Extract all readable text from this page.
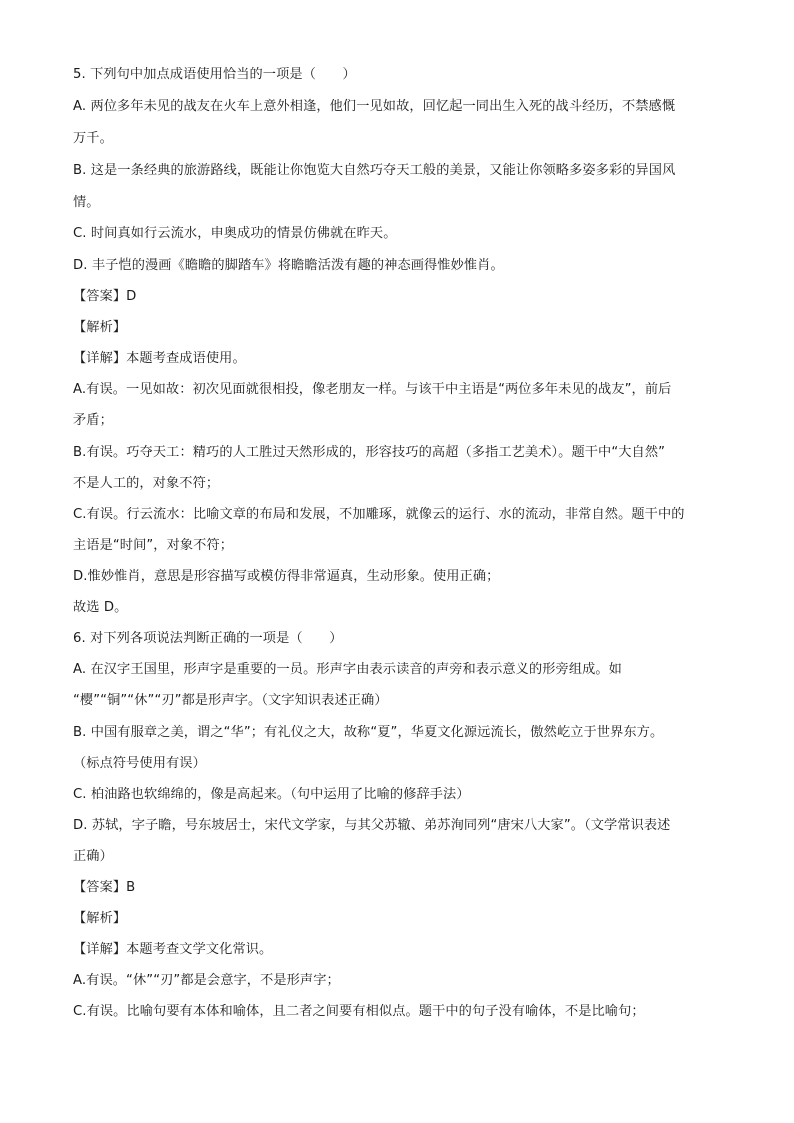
5. 下列句中加点成语使用恰当的一项是（　　）
A. 两位多年未见的战友在火车上意外相逢，他们一见如故，回忆起一同出生入死的战斗经历，不禁感慨
万千。
B. 这是一条经典的旅游路线，既能让你饱览大自然巧夺天工般的美景，又能让你领略多姿多彩的异国风
情。
C. 时间真如行云流水，申奥成功的情景仿佛就在昨天。
D. 丰子恺的漫画《瞻瞻的脚踏车》将瞻瞻活泼有趣的神态画得惟妙惟肖。
【答案】D
【解析】
【详解】本题考查成语使用。
A.有误。一见如故：初次见面就很相投，像老朋友一样。与该干中主语是“两位多年未见的战友”，前后
矛盾；
B.有误。巧夺天工：精巧的人工胜过天然形成的，形容技巧的高超（多指工艺美术）。题干中“大自然”
不是人工的，对象不符；
C.有误。行云流水：比喻文章的布局和发展，不加雕琢，就像云的运行、水的流动，非常自然。题干中的
主语是“时间”，对象不符；
D.惟妙惟肖，意思是形容描写或模仿得非常逼真，生动形象。使用正确；
故选 D。
6. 对下列各项说法判断正确的一项是（　　）
A. 在汉字王国里，形声字是重要的一员。形声字由表示读音的声旁和表示意义的形旁组成。如
“樱”“铜”“休”“刃”都是形声字。（文字知识表述正确）
B. 中国有服章之美，谓之“华”；有礼仪之大，故称“夏”，华夏文化源远流长，傲然屹立于世界东方。
（标点符号使用有误）
C. 柏油路也软绵绵的，像是高起来。（句中运用了比喻的修辞手法）
D. 苏轼，字子瞻，号东坡居士，宋代文学家，与其父苏辙、弟苏洵同列“唐宋八大家”。（文学常识表述
正确）
【答案】B
【解析】
【详解】本题考查文学文化常识。
A.有误。“休”“刃”都是会意字，不是形声字；
C.有误。比喻句要有本体和喻体，且二者之间要有相似点。题干中的句子没有喻体，不是比喻句；
